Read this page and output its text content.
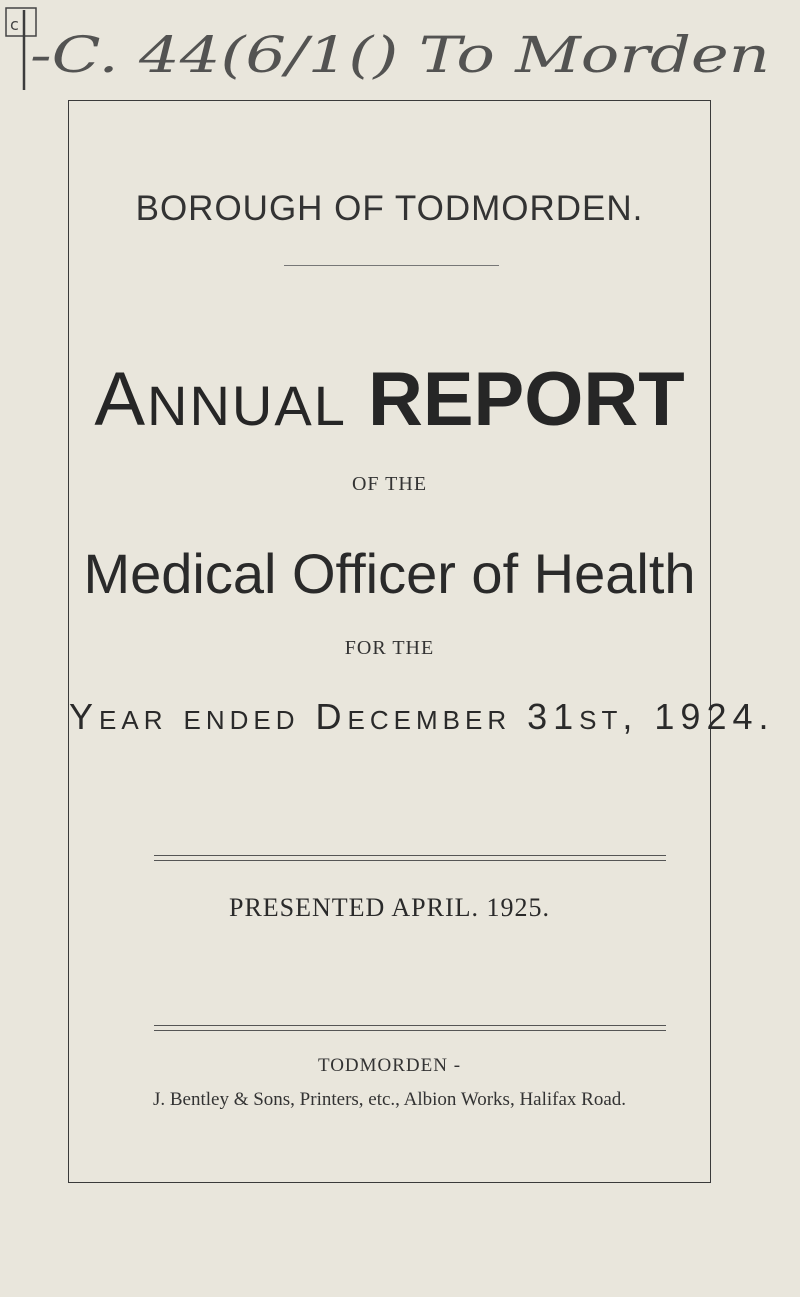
c
-C. 44(6/1() To Morden
BOROUGH OF TODMORDEN.
ANNUAL REPORT
OF THE
Medical Officer of Health
FOR THE
YEAR ENDED DECEMBER 31ST, 1924.
PRESENTED APRIL. 1925.
TODMORDEN -
J. Bentley & Sons, Printers, etc., Albion Works, Halifax Road.
